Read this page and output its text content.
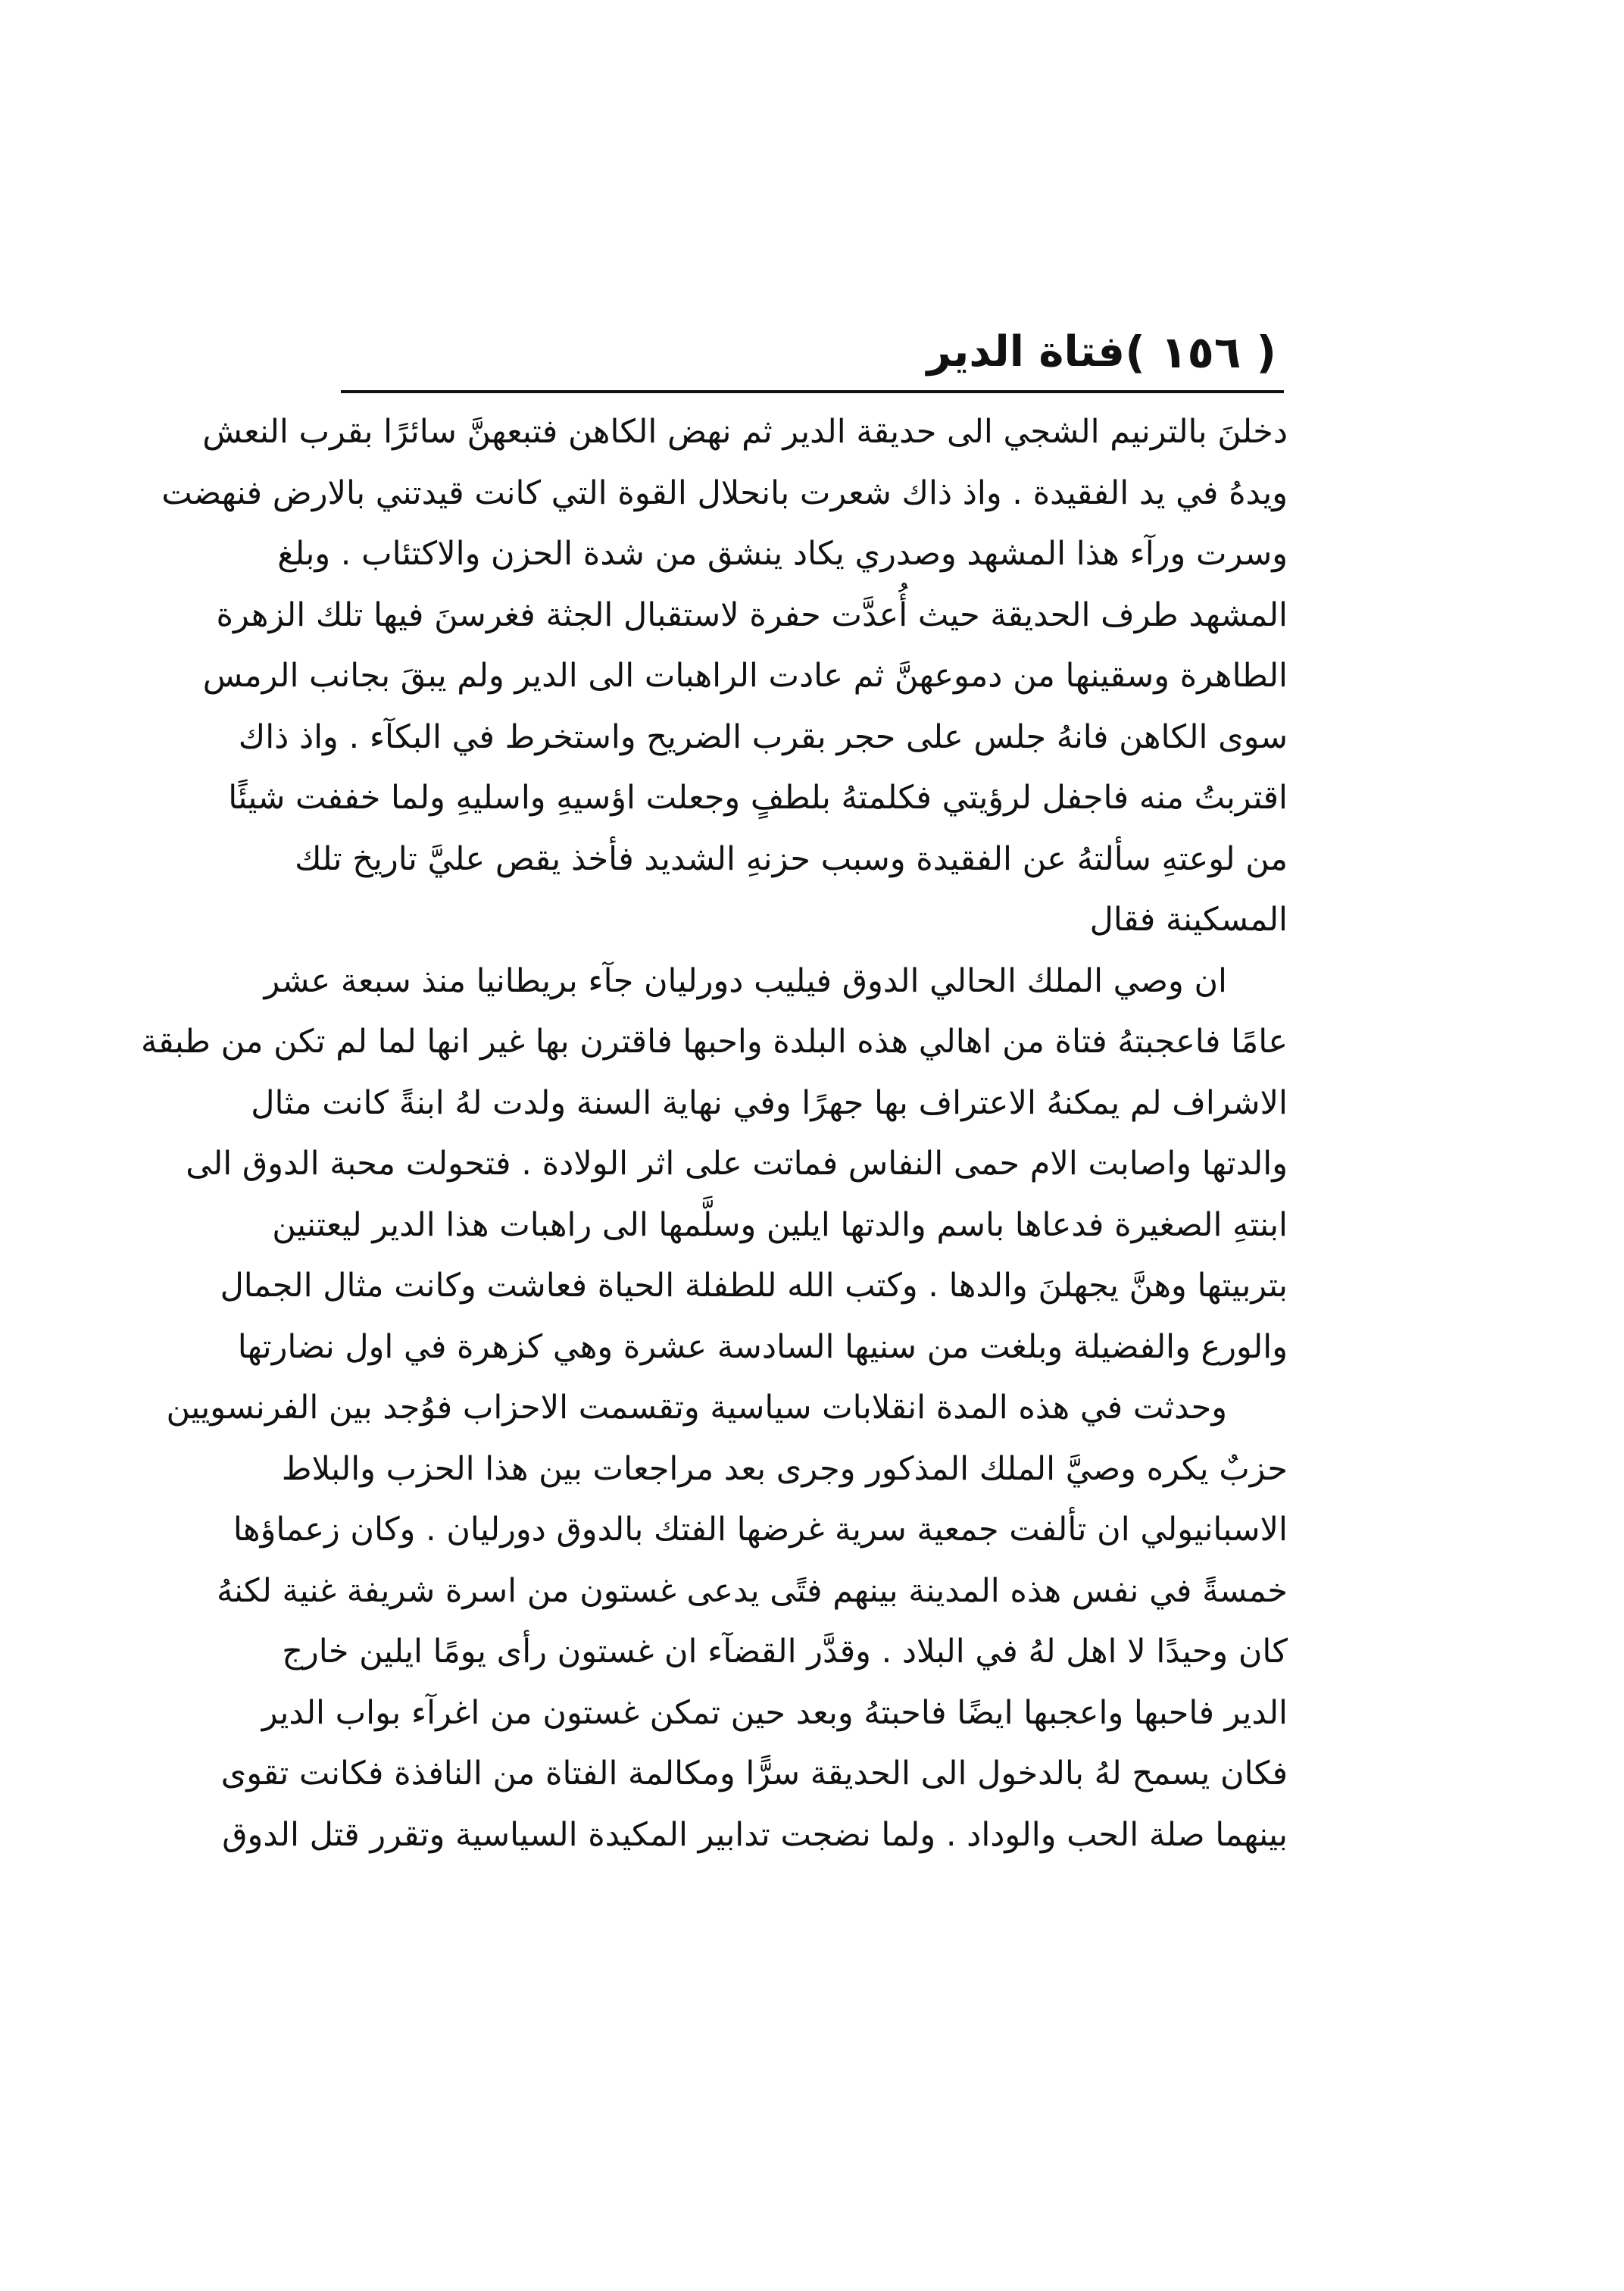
( ١٥٦ )
فتاة الدير
دخلنَ بالترنيم الشجي الى حديقة الدير ثم نهض الكاهن فتبعهنَّ سائرًا بقرب النعش
ويدهُ في يد الفقيدة . واذ ذاك شعرت بانحلال القوة التي كانت قيدتني بالارض فنهضت
وسرت ورآء هذا المشهد وصدري يكاد ينشق من شدة الحزن والاكتئاب . وبلغ
المشهد طرف الحديقة حيث أُعدَّت حفرة لاستقبال الجثة فغرسنَ فيها تلك الزهرة
الطاهرة وسقينها من دموعهنَّ ثم عادت الراهبات الى الدير ولم يبقَ بجانب الرمس
سوى الكاهن فانهُ جلس على حجر بقرب الضريح واستخرط في البكآء . واذ ذاك
اقتربتُ منه فاجفل لرؤيتي فكلمتهُ بلطفٍ وجعلت اؤسيهِ واسليهِ ولما خففت شيئًا
من لوعتهِ سألتهُ عن الفقيدة وسبب حزنهِ الشديد فأخذ يقص عليَّ تاريخ تلك
المسكينة فقال
ان وصي الملك الحالي الدوق فيليب دورليان جآء بريطانيا منذ سبعة عشر
عامًا فاعجبتهُ فتاة من اهالي هذه البلدة واحبها فاقترن بها غير انها لما لم تكن من طبقة
الاشراف لم يمكنهُ الاعتراف بها جهرًا وفي نهاية السنة ولدت لهُ ابنةً كانت مثال
والدتها واصابت الام حمى النفاس فماتت على اثر الولادة . فتحولت محبة الدوق الى
ابنتهِ الصغيرة فدعاها باسم والدتها ايلين وسلَّمها الى راهبات هذا الدير ليعتنين
بتربيتها وهنَّ يجهلنَ والدها . وكتب الله للطفلة الحياة فعاشت وكانت مثال الجمال
والورع والفضيلة وبلغت من سنيها السادسة عشرة وهي كزهرة في اول نضارتها
وحدثت في هذه المدة انقلابات سياسية وتقسمت الاحزاب فوُجد بين الفرنسويين
حزبٌ يكره وصيَّ الملك المذكور وجرى بعد مراجعات بين هذا الحزب والبلاط
الاسبانيولي ان تألفت جمعية سرية غرضها الفتك بالدوق دورليان . وكان زعماؤها
خمسةً في نفس هذه المدينة بينهم فتًى يدعى غستون من اسرة شريفة غنية لكنهُ
كان وحيدًا لا اهل لهُ في البلاد . وقدَّر القضآء ان غستون رأى يومًا ايلين خارج
الدير فاحبها واعجبها ايضًا فاحبتهُ وبعد حين تمكن غستون من اغرآء بواب الدير
فكان يسمح لهُ بالدخول الى الحديقة سرًّا ومكالمة الفتاة من النافذة فكانت تقوى
بينهما صلة الحب والوداد . ولما نضجت تدابير المكيدة السياسية وتقرر قتل الدوق
